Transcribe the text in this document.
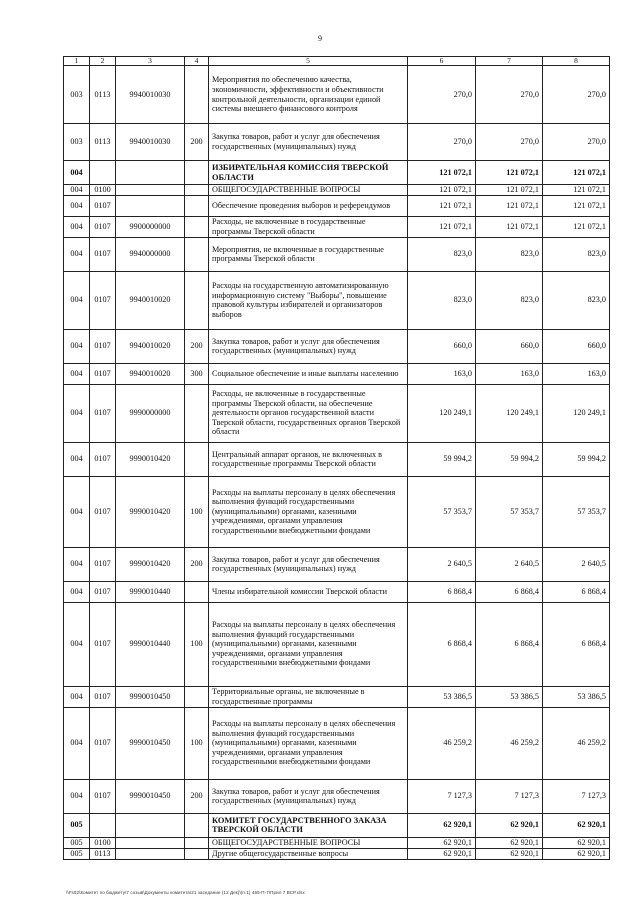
9
1	2	3	4	5	6	7	8
003	0113	9940010030		Мероприятия по обеспечению качества, экономичности, эффективности и объективности контрольной деятельности, организации единой системы внешнего финансового контроля	270,0	270,0	270,0
003	0113	9940010030	200	Закупка товаров, работ и услуг для обеспечения государственных (муниципальных) нужд	270,0	270,0	270,0
004				ИЗБИРАТЕЛЬНАЯ КОМИССИЯ ТВЕРСКОЙ ОБЛАСТИ	121 072,1	121 072,1	121 072,1
004	0100			ОБЩЕГОСУДАРСТВЕННЫЕ ВОПРОСЫ	121 072,1	121 072,1	121 072,1
004	0107			Обеспечение проведения выборов и референдумов	121 072,1	121 072,1	121 072,1
004	0107	9900000000		Расходы, не включенные в государственные программы Тверской области	121 072,1	121 072,1	121 072,1
004	0107	9940000000		Мероприятия, не включенные в государственные программы Тверской области	823,0	823,0	823,0
004	0107	9940010020		Расходы на государственную автоматизированную информационную систему "Выборы", повышение правовой культуры избирателей и организаторов выборов	823,0	823,0	823,0
004	0107	9940010020	200	Закупка товаров, работ и услуг для обеспечения государственных (муниципальных) нужд	660,0	660,0	660,0
004	0107	9940010020	300	Социальное обеспечение и иные выплаты населению	163,0	163,0	163,0
004	0107	9990000000		Расходы, не включенные в государственные программы Тверской области, на обеспечение деятельности органов государственной власти Тверской области, государственных органов Тверской области	120 249,1	120 249,1	120 249,1
004	0107	9990010420		Центральный аппарат органов, не включенных в государственные программы Тверской области	59 994,2	59 994,2	59 994,2
004	0107	9990010420	100	Расходы на выплаты персоналу в целях обеспечения выполнения функций государственными (муниципальными) органами, казенными учреждениями, органами управления государственными внебюджетными фондами	57 353,7	57 353,7	57 353,7
004	0107	9990010420	200	Закупка товаров, работ и услуг для обеспечения государственных (муниципальных) нужд	2 640,5	2 640,5	2 640,5
004	0107	9990010440		Члены избирательной комиссии Тверской области	6 868,4	6 868,4	6 868,4
004	0107	9990010440	100	Расходы на выплаты персоналу в целях обеспечения выполнения функций государственными (муниципальными) органами, казенными учреждениями, органами управления государственными внебюджетными фондами	6 868,4	6 868,4	6 868,4
004	0107	9990010450		Территориальные органы, не включенные в государственные программы	53 386,5	53 386,5	53 386,5
004	0107	9990010450	100	Расходы на выплаты персоналу в целях обеспечения выполнения функций государственными (муниципальными) органами, казенными учреждениями, органами управления государственными внебюджетными фондами	46 259,2	46 259,2	46 259,2
004	0107	9990010450	200	Закупка товаров, работ и услуг для обеспечения государственных (муниципальных) нужд	7 127,3	7 127,3	7 127,3
005				КОМИТЕТ ГОСУДАРСТВЕННОГО ЗАКАЗА ТВЕРСКОЙ ОБЛАСТИ	62 920,1	62 920,1	62 920,1
005	0100			ОБЩЕГОСУДАРСТВЕННЫЕ ВОПРОСЫ	62 920,1	62 920,1	62 920,1
005	0113			Другие общегосударственные вопросы	62 920,1	62 920,1	62 920,1
\\Fs02\Комитет по бюджету\7 созыв\Документы комитета\21 заседание (12 Дек)\(п.1) 465-П-7\Прил 7 ВСР.xlsx
